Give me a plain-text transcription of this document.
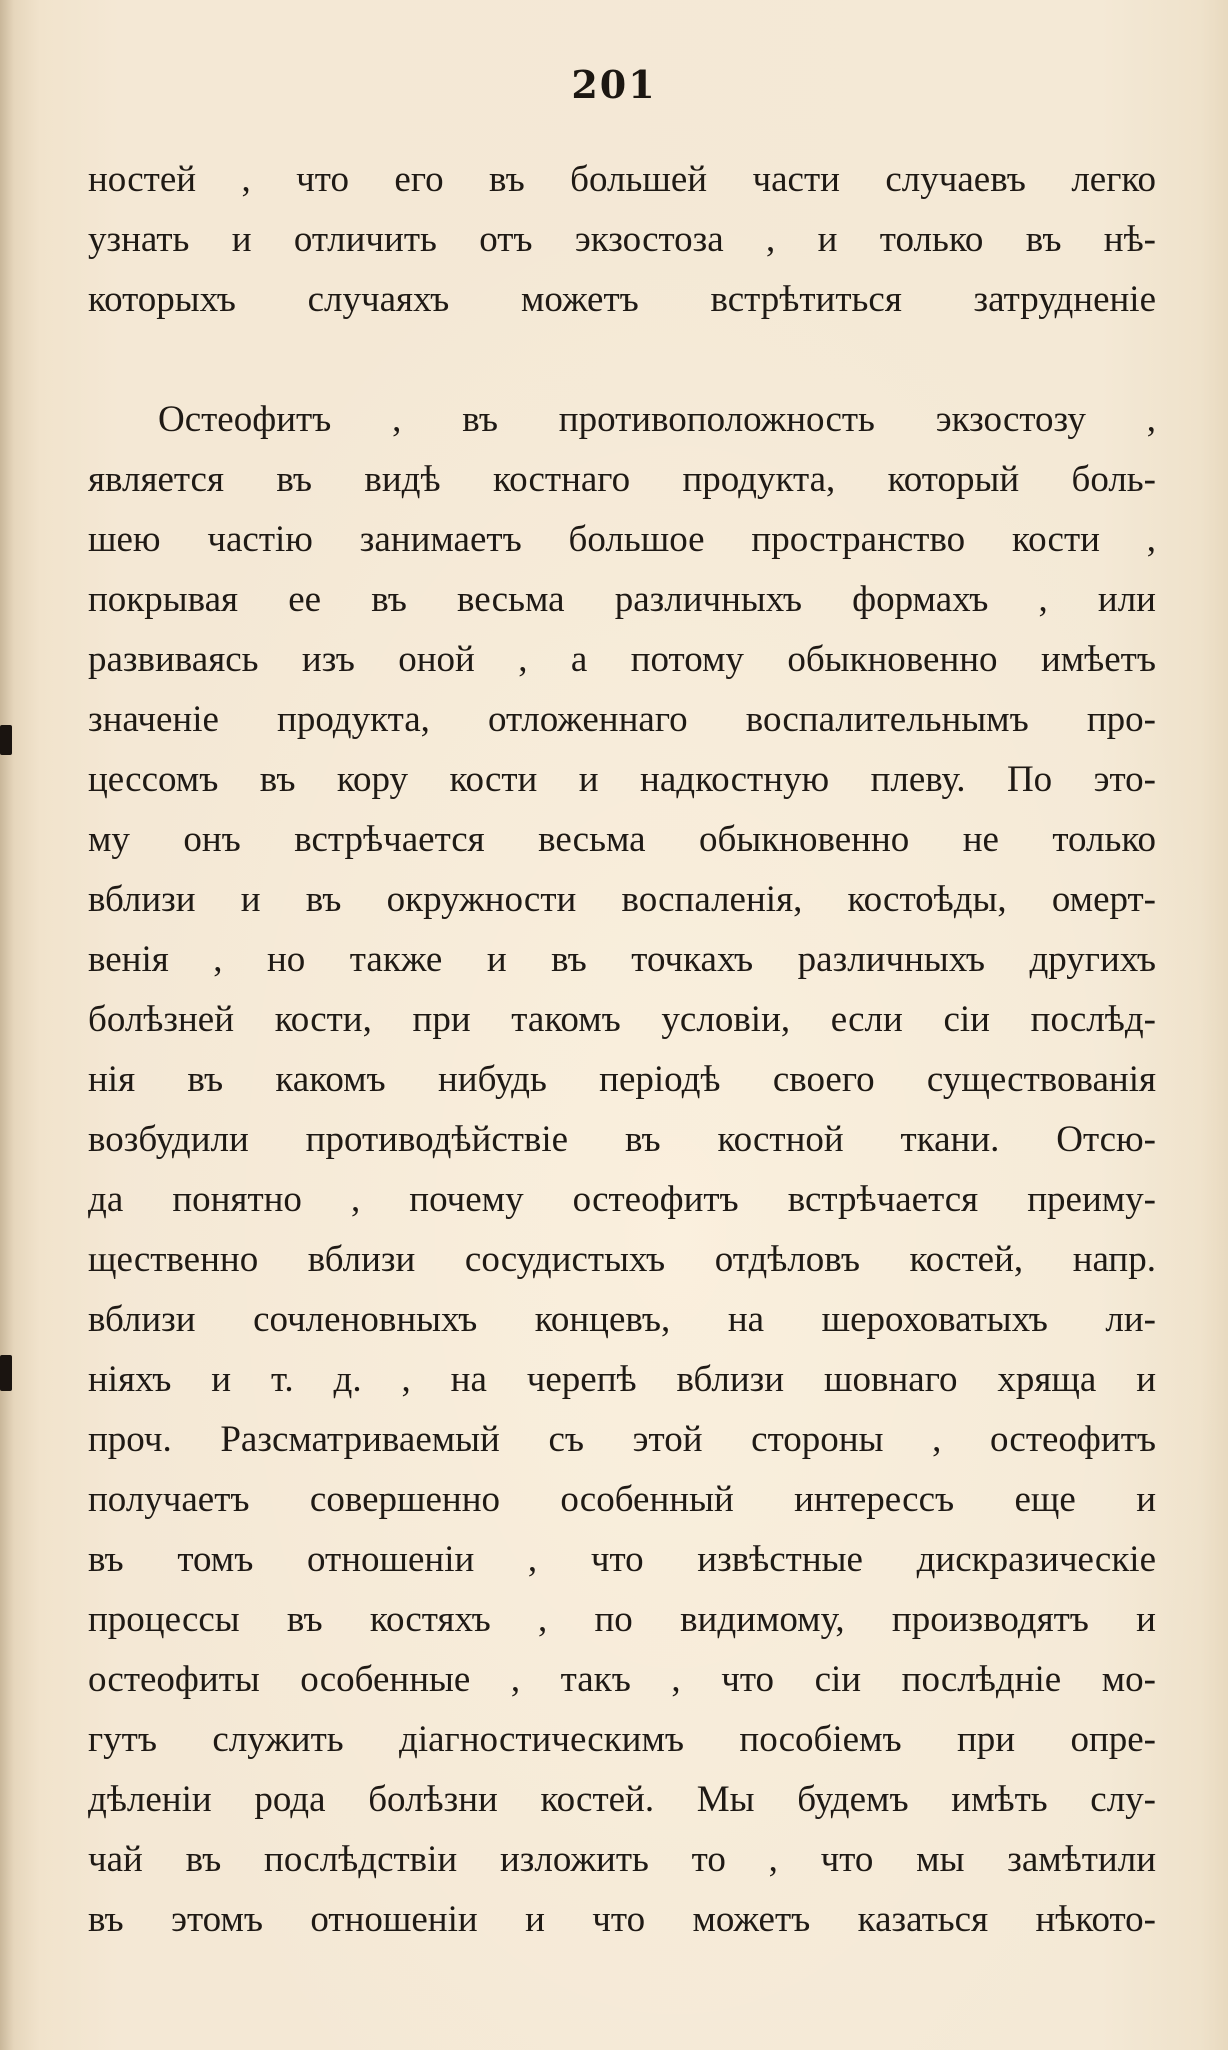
201
ностей , что его въ большей части случаевъ легко
узнать и отличить отъ экзостоза , и только въ нѣ-
которыхъ случаяхъ можетъ встрѣтиться затрудненіе
Остеофитъ , въ противоположность экзостозу ,
является въ видѣ костнаго продукта, который боль-
шею частію занимаетъ большое пространство кости ,
покрывая ее въ весьма различныхъ формахъ , или
развиваясь изъ оной , а потому обыкновенно имѣетъ
значеніе продукта, отложеннаго воспалительнымъ про-
цессомъ въ кору кости и надкостную плеву. По это-
му онъ встрѣчается весьма обыкновенно не только
вблизи и въ окружности воспаленія, костоѣды, омерт-
венія , но также и въ точкахъ различныхъ другихъ
болѣзней кости, при такомъ условіи, если сіи послѣд-
нія въ какомъ нибудь періодѣ своего существованія
возбудили противодѣйствіе въ костной ткани. Отсю-
да понятно , почему остеофитъ встрѣчается преиму-
щественно вблизи сосудистыхъ отдѣловъ костей, напр.
вблизи сочленовныхъ концевъ, на шероховатыхъ ли-
ніяхъ и т. д. , на черепѣ вблизи шовнаго хряща и
проч. Разсматриваемый съ этой стороны , остеофитъ
получаетъ совершенно особенный интерессъ еще и
въ томъ отношеніи , что извѣстные дискразическіе
процессы въ костяхъ , по видимому, производятъ и
остеофиты особенные , такъ , что сіи послѣдніе мо-
гутъ служить діагностическимъ пособіемъ при опре-
дѣленіи рода болѣзни костей. Мы будемъ имѣть слу-
чай въ послѣдствіи изложить то , что мы замѣтили
въ этомъ отношеніи и что можетъ казаться нѣкото-
